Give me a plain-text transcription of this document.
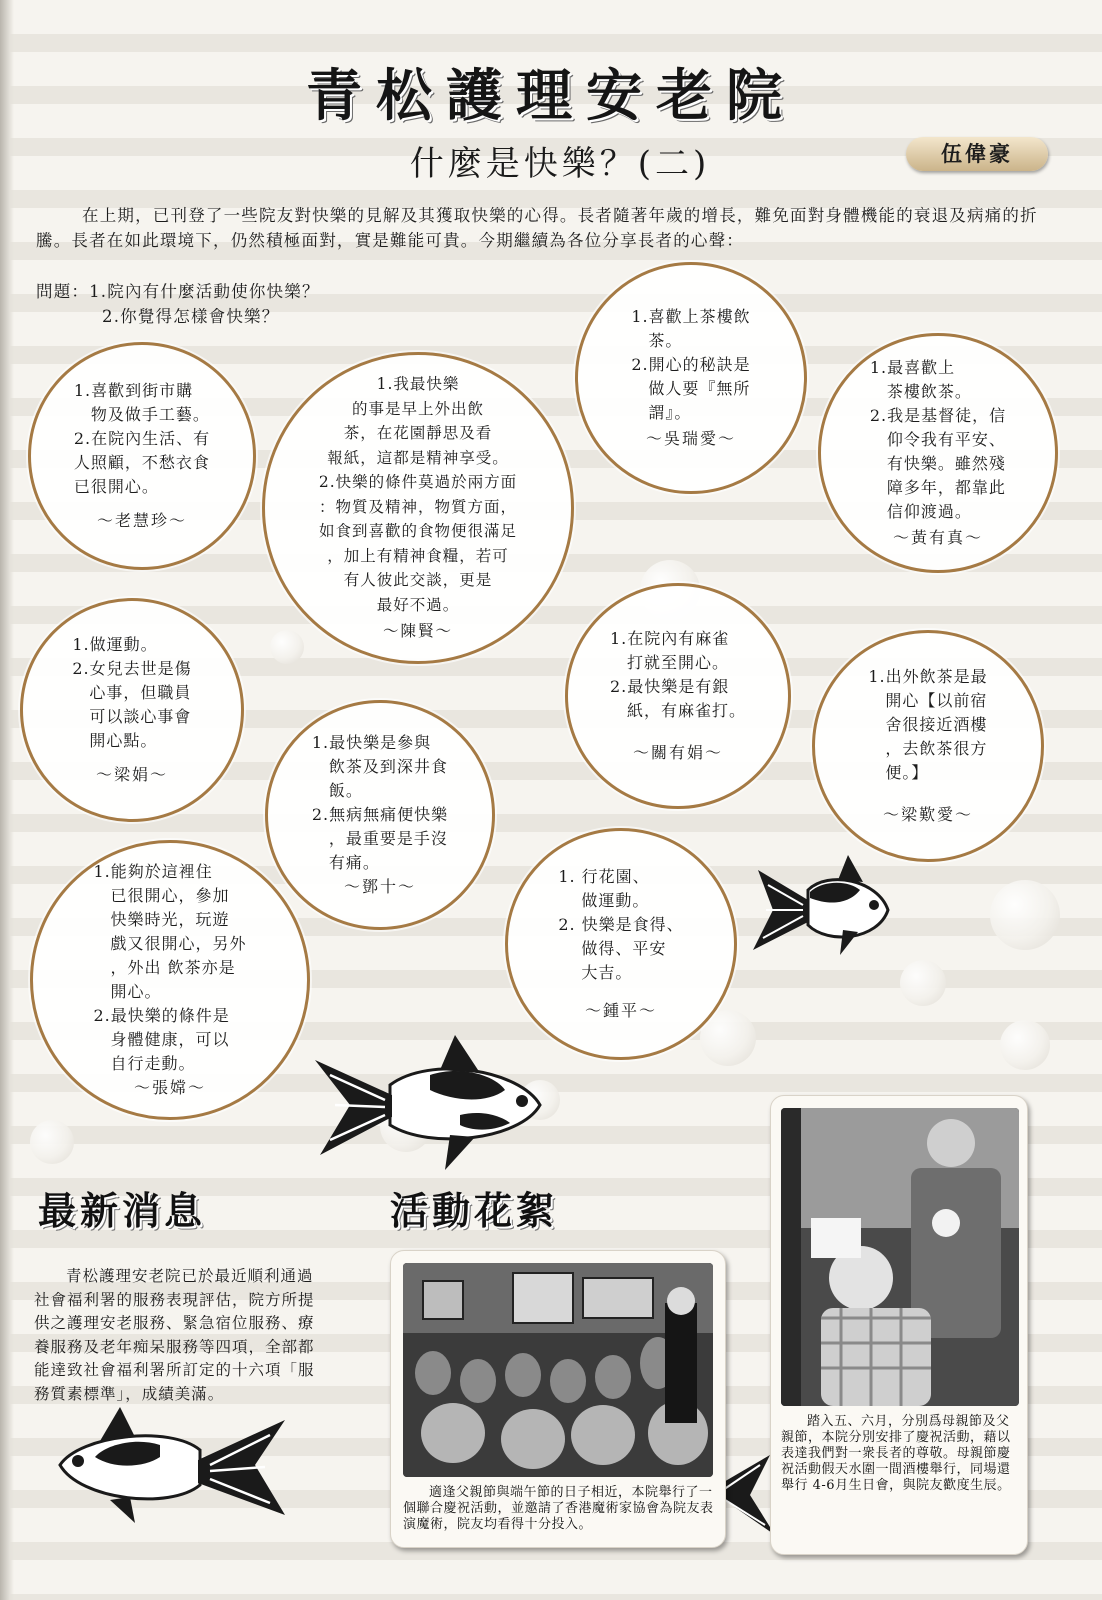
青松護理安老院
什麼是快樂？(二)	伍偉豪

在上期，已刊登了一些院友對快樂的見解及其獲取快樂的心得。長者隨著年歲的增長，難免面對身體機能的衰退及病痛的折騰。長者在如此環境下，仍然積極面對，實是難能可貴。今期繼續為各位分享長者的心聲：

問題：1.院內有什麼活動使你快樂？
2.你覺得怎樣會快樂？
1.喜歡到街市購
　物及做手工藝。
2.在院內生活、有
人照顧，不愁衣食
已很開心。
～老慧珍～
1.我最快樂
的事是早上外出飲
茶，在花園靜思及看
報紙，這都是精神享受。
2.快樂的條件莫過於兩方面
：物質及精神，物質方面，
如食到喜歡的食物便很滿足
，加上有精神食糧，若可
有人彼此交談，更是
最好不過。
～陳賢～
1.喜歡上茶樓飲
　茶。
2.開心的秘訣是
　做人要『無所
　謂』。
～吳瑞愛～
1.最喜歡上
　茶樓飲茶。
2.我是基督徒，信
　仰令我有平安、
　有快樂。雖然殘
　障多年，都靠此
　信仰渡過。
～黃有真～
1.做運動。
2.女兒去世是傷
　心事，但職員
　可以談心事會
　開心點。
～梁娟～
1.在院內有麻雀
　打就至開心。
2.最快樂是有銀
　紙，有麻雀打。
～關有娟～
1.出外飲茶是最
　開心【以前宿
　舍很接近酒樓
　，去飲茶很方
　便。】
～梁歎愛～
1.最快樂是參與
　飲茶及到深井食
　飯。
2.無病無痛便快樂
　，最重要是手沒
　有痛。
～鄧十～
1.能夠於這裡住
　已很開心，參加
　快樂時光，玩遊
　戲又很開心，另外
　，外出 飲茶亦是
　開心。
2.最快樂的條件是
　身體健康，可以
　自行走動。
～張嫦～
1. 行花園、
　 做運動。
2. 快樂是食得、
　 做得、平安
　 大吉。
～鍾平～
最新消息
青松護理安老院已於最近順利通過社會福利署的服務表現評估，院方所提供之護理安老服務、緊急宿位服務、療養服務及老年痴呆服務等四項，全部都能達致社會福利署所訂定的十六項「服務質素標準」，成績美滿。
活動花絮
適逢父親節與端午節的日子相近，本院舉行了一個聯合慶祝活動，並邀請了香港魔術家協會為院友表演魔術，院友均看得十分投入。
踏入五、六月，分別爲母親節及父親節，本院分別安排了慶祝活動，藉以表達我們對一衆長者的尊敬。母親節慶祝活動假天水圍一間酒樓舉行，同場還舉行 4-6月生日會，與院友歡度生辰。
